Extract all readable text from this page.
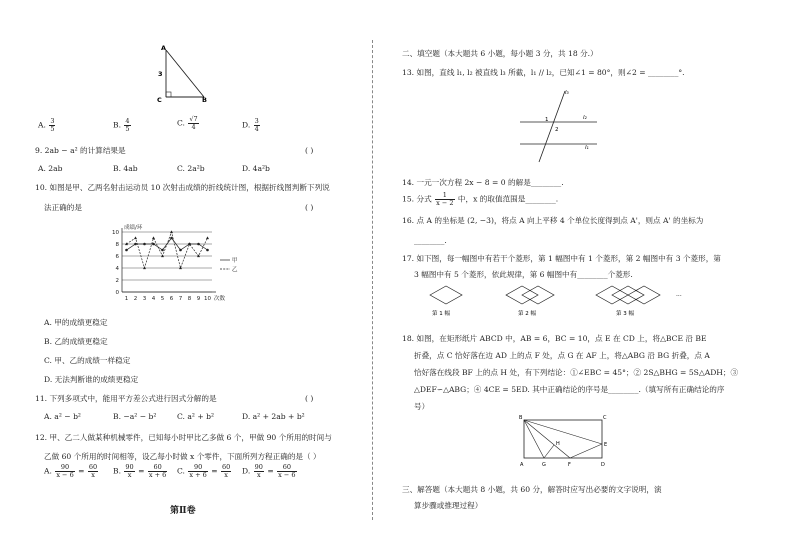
A
C	B
3
A. $\frac{3}{5}$	B. $\frac{4}{5}$	C. $\frac{√7}{4}$	D. $\frac{3}{4}$
9. 2ab − a² 的计算结果是	( )
A. 2ab	B. 4ab	C. 2a²b	D. 4a²b
10. 如图是甲、乙两名射击运动员 10 次射击成绩的折线统计图，根据折线图判断下列说
法正确的是	( )
0
2
4
6
8
10
1 2 3 4 5 6 7 8 9 10
成绩/环
次数
甲
乙
A. 甲的成绩更稳定
B. 乙的成绩更稳定
C. 甲、乙的成绩一样稳定
D. 无法判断谁的成绩更稳定
11. 下列多项式中，能用平方差公式进行因式分解的是	( )
A. a² − b²	B. −a² − b²	C. a² + b²	D. a² + 2ab + b²
12. 甲、乙二人做某种机械零件，已知每小时甲比乙多做 6 个，甲做 90 个所用的时间与
乙做 60 个所用的时间相等，设乙每小时做 x 个零件，下面所列方程正确的是（ ）
A. $\frac{90}{x - 6} = \frac{60}{x} B$. $\frac{90}{x} = \frac{60}{x + 6} C$. $\frac{90}{x + 6} = \frac{60}{x} D$. $\frac{90}{x} = \frac{60}{x - 6}$
第Ⅱ卷
二、填空题（本大题共 6 小题，每小题 3 分，共 18 分.）
13. 如图，直线 l₁, l₂ 被直线 l₃ 所截，l₁ // l₂，已知∠1 = 80°，则∠2 = ________°.
l₃
l₂
l₁
1
2
14. 一元一次方程 2x − 8 = 0 的解是________.
15. 分式 $\frac{1}{x - 2}$ 中，x 的取值范围是________.
16. 点 A 的坐标是 (2, −3)，将点 A 向上平移 4 个单位长度得到点 A'，则点 A' 的坐标为
________.
17. 如下图，每一幅图中有若干个菱形，第 1 幅图中有 1 个菱形，第 2 幅图中有 3 个菱形，第
3 幅图中有 5 个菱形，依此规律，第 6 幅图中有________个菱形.
···
第 1 幅	第 2 幅	第 3 幅
18. 如图，在矩形纸片 ABCD 中，AB = 6，BC = 10，点 E 在 CD 上，将△BCE 沿 BE
折叠，点 C 恰好落在边 AD 上的点 F 处，点 G 在 AF 上，将△ABG 沿 BG 折叠，点 A
恰好落在线段 BF 上的点 H 处，有下列结论：①∠EBC = 45°；② 2S△BHG = 5S△ADH；③
△DEF∽△ABG；④ 4CE = 5ED. 其中正确结论的序号是________.（填写所有正确结论的序
号）
B	C
E
H
A	G	F	D
三、解答题（本大题共 8 小题，共 60 分，解答时应写出必要的文字说明，演
算步骤或推理过程）
